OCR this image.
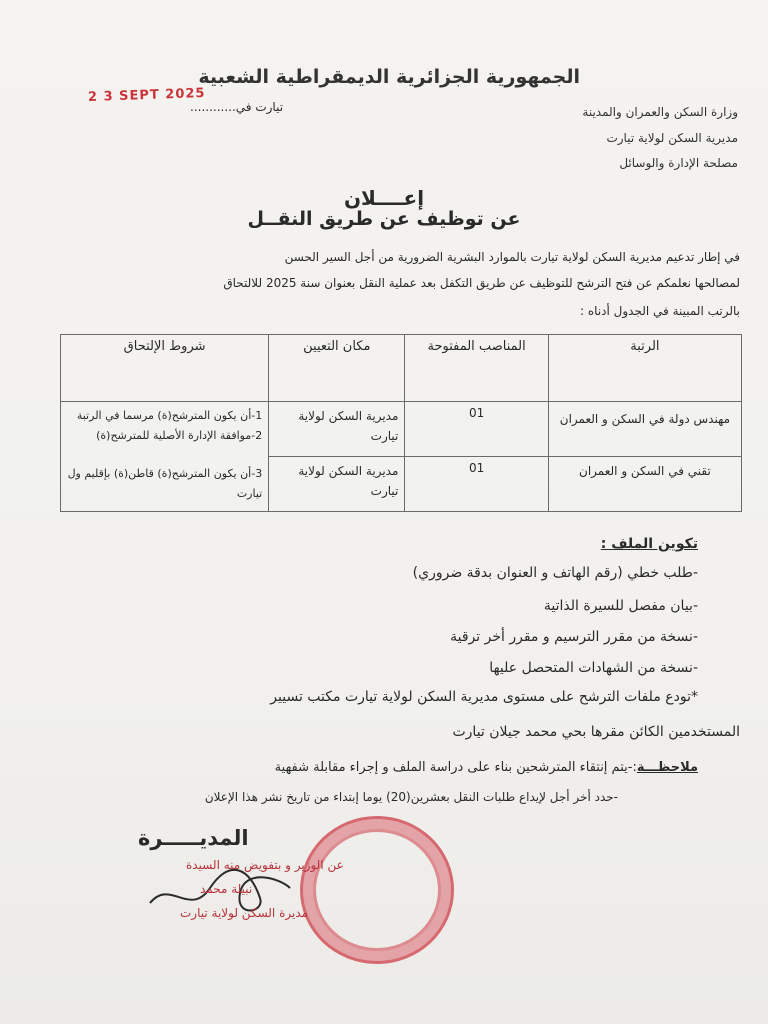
الجمهورية الجزائرية الديمقراطية الشعبية
2 3 SEPT 2025
تيارت في............	وزارة السكن والعمران والمدينة
مديرية السكن لولاية تيارت
مصلحة الإدارة والوسائل
إعــــلان
عن توظيف عن طريق النقــل
في إطار تدعيم مديرية السكن لولاية تيارت بالموارد البشرية الضرورية من أجل السير الحسن
لمصالحها نعلمكم عن فتح الترشح للتوظيف عن طريق التكفل بعد عملية النقل بعنوان سنة 2025 للالتحاق
بالرتب المبينة في الجدول أدناه :
الرتبة	المناصب المفتوحة	مكان التعيين	شروط الإلتحاق
مهندس دولة في السكن و العمران	01	مديرية السكن لولاية تيارت	1-أن يكون المترشح(ة) مرسما في الرتبة
2-موافقة الإدارة الأصلية للمترشح(ة)
3-أن يكون المترشح(ة) قاطن(ة) بإقليم ول تيارت

تقني في السكن و العمران	01	مديرية السكن لولاية تيارت	
تكوين الملف :
-طلب خطي (رقم الهاتف و العنوان بدقة ضروري)
-بيان مفصل للسيرة الذاتية
-نسخة من مقرر الترسيم و مقرر أخر ترقية
-نسخة من الشهادات المتحصل عليها
*تودع ملفات الترشح على مستوى مديرية السكن لولاية تيارت مكتب تسيير
المستخدمين الكائن مقرها بحي محمد جيلان تيارت
ملاحظـــة:-يتم إنتقاء المترشحين بناء على دراسة الملف و إجراء مقابلة شفهية
-حدد أخر أجل لإيداع طلبات النقل بعشرين(20) يوما إبتداء من تاريخ نشر هذا الإعلان
المديـــــرة
عن الوزير و بتفويض منه السيدة
نبيلة محمد
مديرة السكن لولاية تيارت
